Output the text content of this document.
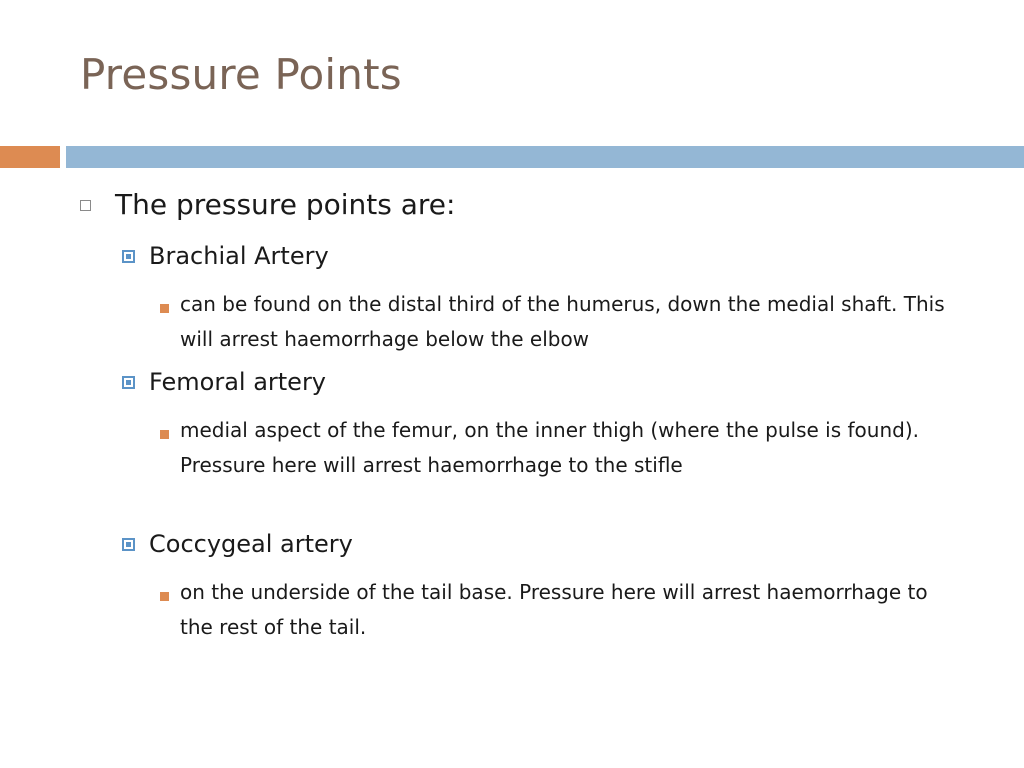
Pressure Points
The pressure points are:
Brachial Artery
can be found on the distal third of the humerus, down the medial shaft. This will arrest haemorrhage below the elbow
Femoral artery
medial aspect of the femur, on the inner thigh (where the pulse is found). Pressure here will arrest haemorrhage to the stifle
Coccygeal artery
on the underside of the tail base. Pressure here will arrest haemorrhage to the rest of the tail.
